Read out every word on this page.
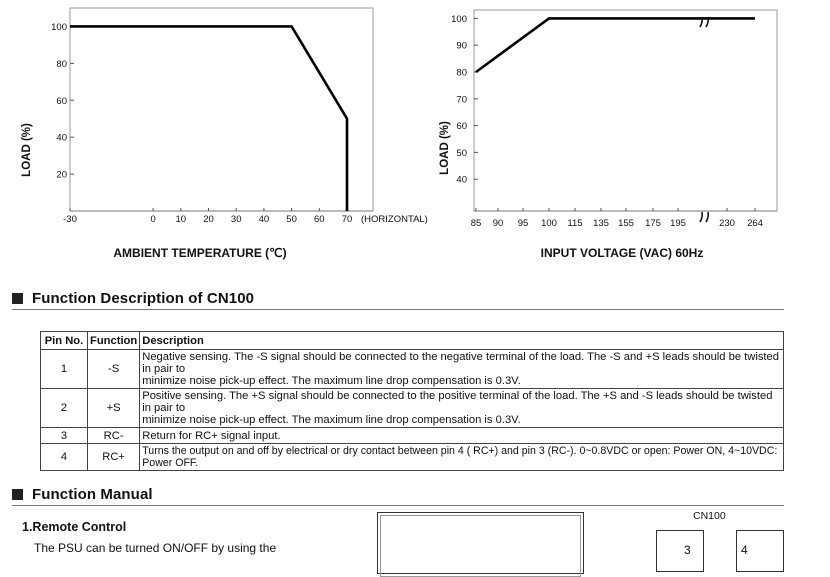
100
80
60
40
20
-30	0 10 20 30 40 50 60 70 (HORIZONTAL)
LOAD (%)
AMBIENT TEMPERATURE (℃)
100
90
80
70
60
50
40
85 90 95 100 115 135 155 175 195	230 264
LOAD (%)
INPUT VOLTAGE (VAC) 60Hz
Function Description of CN100
Pin No.	Function	Description
1	-S	Negative sensing. The -S signal should be connected to the negative terminal of the load. The -S and +S leads should be twisted in pair to
minimize noise pick-up effect. The maximum line drop compensation is 0.3V.

2	+S	Positive sensing. The +S signal should be connected to the positive terminal of the load. The +S and -S leads should be twisted in pair to
minimize noise pick-up effect. The maximum line drop compensation is 0.3V.

3	RC-	Return for RC+ signal input.
4	RC+	Turns the output on and off by electrical or dry contact between pin 4 ( RC+) and pin 3 (RC-). 0~0.8VDC or open: Power ON, 4~10VDC: Power OFF.
Function Manual
1.Remote Control
The PSU can be turned ON/OFF by using the
CN100
3	4
